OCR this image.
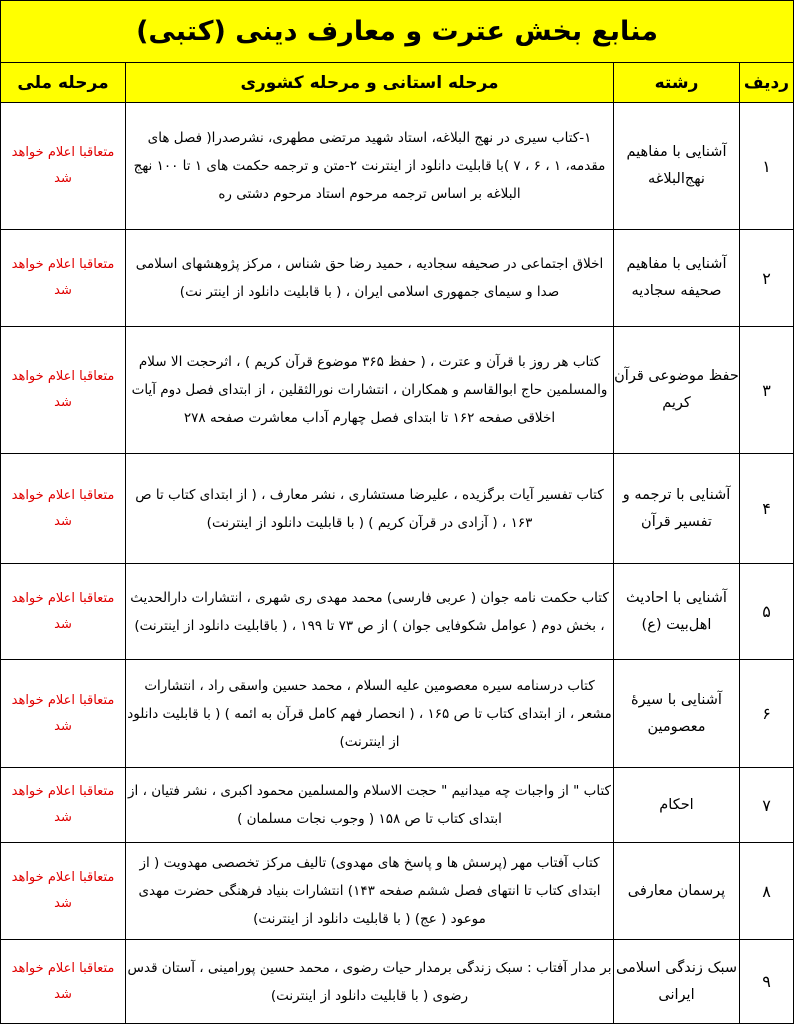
منابع بخش عترت و معارف دینی (کتبی)			
ردیف	رشته	مرحله استانی و مرحله کشوری	مرحله ملی
۱	آشنایی با مفاهیم نهج‌البلاغه	۱-کتاب سیری در نهج البلاغه، استاد شهید مرتضی مطهری، نشرصدرا( فصل های مقدمه، ۱ ، ۶ ، ۷ )با قابلیت دانلود از اینترنت ۲-متن و ترجمه حکمت های ۱ تا ۱۰۰ نهج البلاغه بر اساس ترجمه مرحوم استاد مرحوم دشتی ره	متعاقبا اعلام خواهد شد
۲	آشنایی با مفاهیم صحیفه سجادیه	اخلاق اجتماعی در صحیفه سجادیه ، حمید رضا حق شناس ، مرکز پژوهشهای اسلامی صدا و سیمای جمهوری اسلامی ایران ، ( با قابلیت دانلود از اینتر نت)	متعاقبا اعلام خواهد شد
۳	حفظ موضوعی قرآن کریم	کتاب هر روز با قرآن و عترت ، ( حفظ ۳۶۵ موضوع قرآن کریم ) ، اثرحجت الا سلام والمسلمین حاج ابوالقاسم و همکاران ، انتشارات نورالثقلین ، از ابتدای فصل دوم آیات اخلاقی صفحه ۱۶۲ تا ابتدای فصل چهارم آداب معاشرت صفحه ۲۷۸	متعاقبا اعلام خواهد شد
۴	آشنایی با ترجمه و تفسیر قرآن	کتاب تفسیر آیات برگزیده ، علیرضا مستشاری ، نشر معارف ، ( از ابتدای کتاب تا ص ۱۶۳ ، ( آزادی در قرآن کریم ) ( با قابلیت دانلود از اینترنت)	متعاقبا اعلام خواهد شد
۵	آشنایی با احادیث اهل‌بیت (ع)	کتاب حکمت نامه جوان ( عربی فارسی) محمد مهدی ری شهری ، انتشارات دارالحدیث ، بخش دوم ( عوامل شکوفایی جوان ) از ص ۷۳ تا ۱۹۹ ، ( باقابلیت دانلود از اینترنت)	متعاقبا اعلام خواهد شد
۶	آشنایی با سیرهٔ معصومین	کتاب درسنامه سیره معصومین علیه السلام ، محمد حسین واسقی راد ، انتشارات مشعر ، از ابتدای کتاب تا ص ۱۶۵ ، ( انحصار فهم کامل قرآن به ائمه ) ( با قابلیت دانلود از اینترنت)	متعاقبا اعلام خواهد شد
۷	احکام	کتاب " از واجبات چه میدانیم " حجت الاسلام والمسلمین محمود اکبری ، نشر فتیان ، از ابتدای کتاب تا ص ۱۵۸ ( وجوب نجات مسلمان )	متعاقبا اعلام خواهد شد
۸	پرسمان معارفی	کتاب آفتاب مهر (پرسش ها و پاسخ های مهدوی) تالیف مرکز تخصصی مهدویت ( از ابتدای کتاب تا انتهای فصل ششم صفحه ۱۴۳) انتشارات بنیاد فرهنگی حضرت مهدی موعود ( عج) ( با قابلیت دانلود از اینترنت)	متعاقبا اعلام خواهد شد
۹	سبک زندگی اسلامی ایرانی	بر مدار آفتاب : سبک زندگی برمدار حیات رضوی ، محمد حسین پورامینی ، آستان قدس رضوی ( با قابلیت دانلود از اینترنت)	متعاقبا اعلام خواهد شد
